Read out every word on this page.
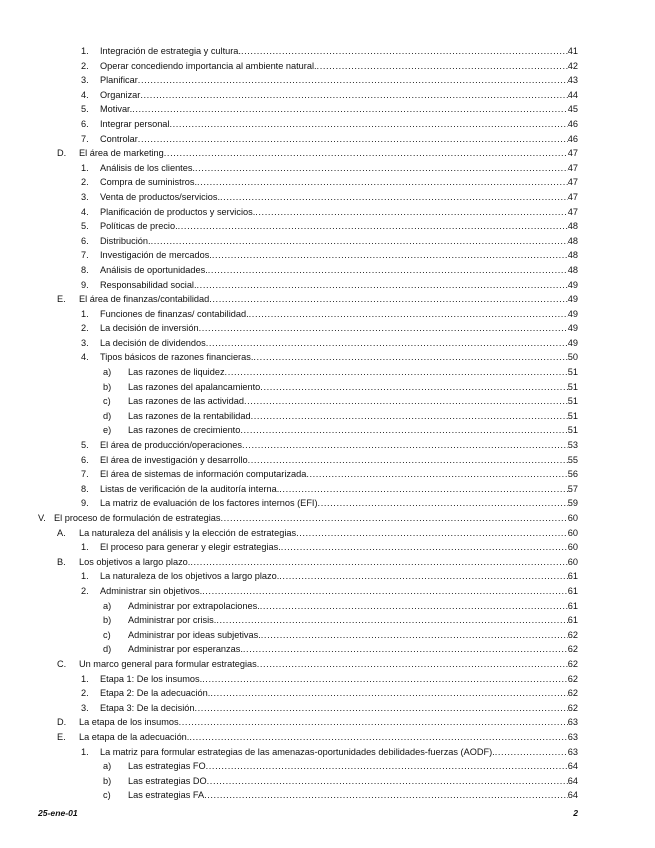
1. Integración de estrategia y cultura. .....	41
2. Operar concediendo importancia al ambiente natural. .....	42
3. Planificar .....	43
4. Organizar .....	44
5. Motivar. .....	45
6. Integrar personal .....	46
7. Controlar .....	46
D. El área de marketing .....	47
1. Análisis de los clientes. .....	47
2. Compra de suministros. .....	47
3. Venta de productos/servicios. .....	47
4. Planificación de productos y servicios. .....	47
5. Políticas de precio. .....	48
6. Distribución. .....	48
7. Investigación de mercados. .....	48
8. Análisis de oportunidades. .....	48
9. Responsabilidad social. .....	49
E. El área de finanzas/contabilidad .....	49
1. Funciones de finanzas/ contabilidad. .....	49
2. La decisión de inversión .....	49
3. La decisión de dividendos .....	49
4. Tipos básicos de razones financieras. .....	50
a) Las razones de liquidez .....	51
b) Las razones del apalancamiento .....	51
c) Las razones de las actividad .....	51
d) Las razones de la rentabilidad .....	51
e) Las razones de crecimiento .....	51
5. El área de producción/operaciones .....	53
6. El área de investigación y desarrollo .....	55
7. El área de sistemas de información computarizada .....	56
8. Listas de verificación de la auditoría interna. .....	57
9. La matriz de evaluación de los factores internos (EFI) .....	59
V. El proceso de formulación de estrategias .....	60
A. La naturaleza del análisis y la elección de estrategias .....	60
1. El proceso para generar y elegir estrategias. .....	60
B. Los objetivos a largo plazo. .....	60
1. La naturaleza de los objetivos a largo plazo. .....	61
2. Administrar sin objetivos. .....	61
a) Administrar por extrapolaciones. .....	61
b) Administrar por crisis. .....	61
c) Administrar por ideas subjetivas. .....	62
d) Administrar por esperanzas. .....	62
C. Un marco general para formular estrategias .....	62
1. Etapa 1: De los insumos. .....	62
2. Etapa 2: De la adecuación. .....	62
3. Etapa 3: De la decisión .....	62
D. La etapa de los insumos .....	63
E. La etapa de la adecuación. .....	63
1. La matriz para formular estrategias de las amenazas-oportunidades debilidades-fuerzas (AODF). .....	63
a) Las estrategias FO .....	64
b) Las estrategias DO .....	64
c) Las estrategias FA .....	64
25-ene-01	2
